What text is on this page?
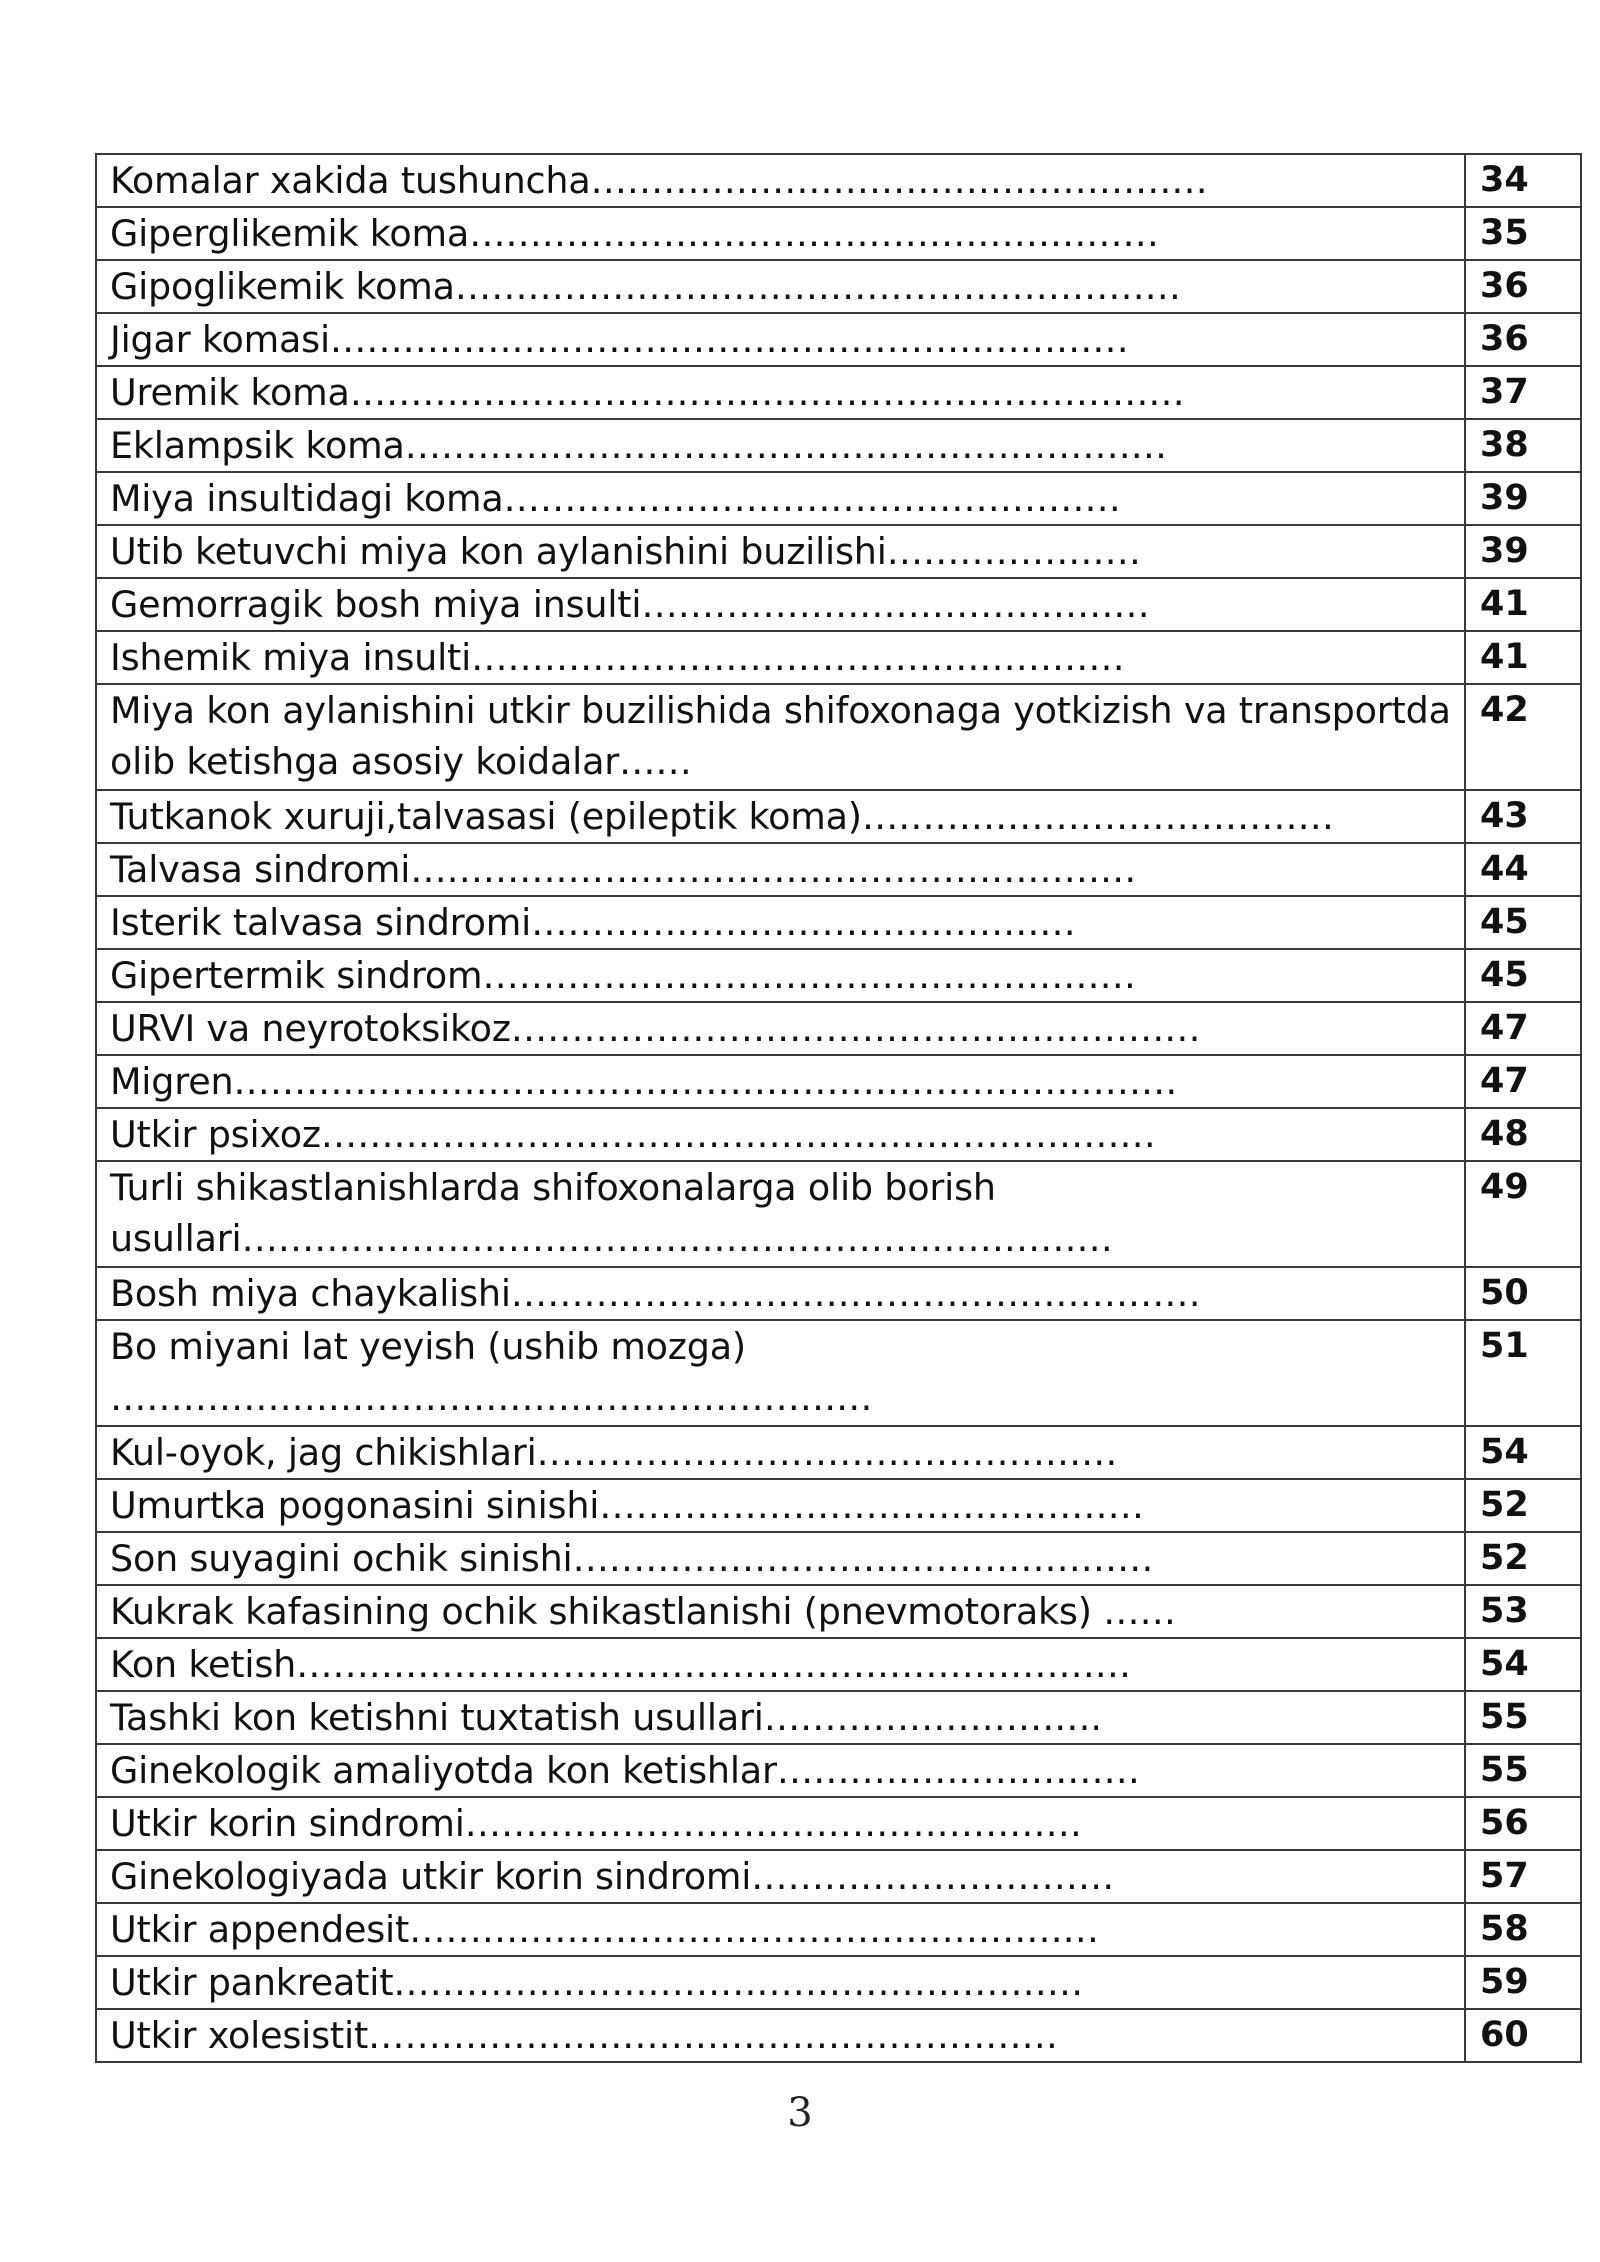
Komalar xakida tushuncha……………………………………………	34
Giperglikemik koma…………………………………………………	35
Gipoglikemik koma……………………………………………………	36
Jigar komasi…………………………………………………………	36
Uremik koma……………………………………………………………	37
Eklampsik koma………………………………………………………	38
Miya insultidagi koma……………………………………………	39
Utib ketuvchi miya kon aylanishini buzilishi…………………	39
Gemorragik bosh miya insulti……………………………………	41
Ishemik miya insulti………………………………………………	41
Miya kon aylanishini utkir buzilishida shifoxonaga yotkizish va transportda olib ketishga asosiy koidalar……	42
Tutkanok xuruji,talvasasi (epileptik koma)…………………………………	43
Talvasa sindromi……………………………………………………	44
Isterik talvasa sindromi………………………………………	45
Gipertermik sindrom………………………………………………	45
URVI va neyrotoksikoz…………………………………………………	47
Migren……………………………………………………………………	47
Utkir psixoz……………………………………………………………	48
Turli shikastlanishlarda shifoxonalarga olib borish usullari………………………………………………………………	49
Bosh miya chaykalishi…………………………………………………	50
Bo miyani lat yeyish (ushib mozga) ………………………………………………………	51
Kul-oyok, jag chikishlari…………………………………………	54
Umurtka pogonasini sinishi………………………………………	52
Son suyagini ochik sinishi…………………………………………	52
Kukrak kafasining ochik shikastlanishi (pnevmotoraks) ……	53
Kon ketish……………………………………………………………	54
Tashki kon ketishni tuxtatish usullari……………………….	55
Ginekologik amaliyotda kon ketishlar…………………………	55
Utkir korin sindromi……………………………………………	56
Ginekologiyada utkir korin sindromi…………………………	57
Utkir appendesit…………………………………………………	58
Utkir pankreatit…………………………………………………	59
Utkir xolesistit…………………………………………………	60
3
